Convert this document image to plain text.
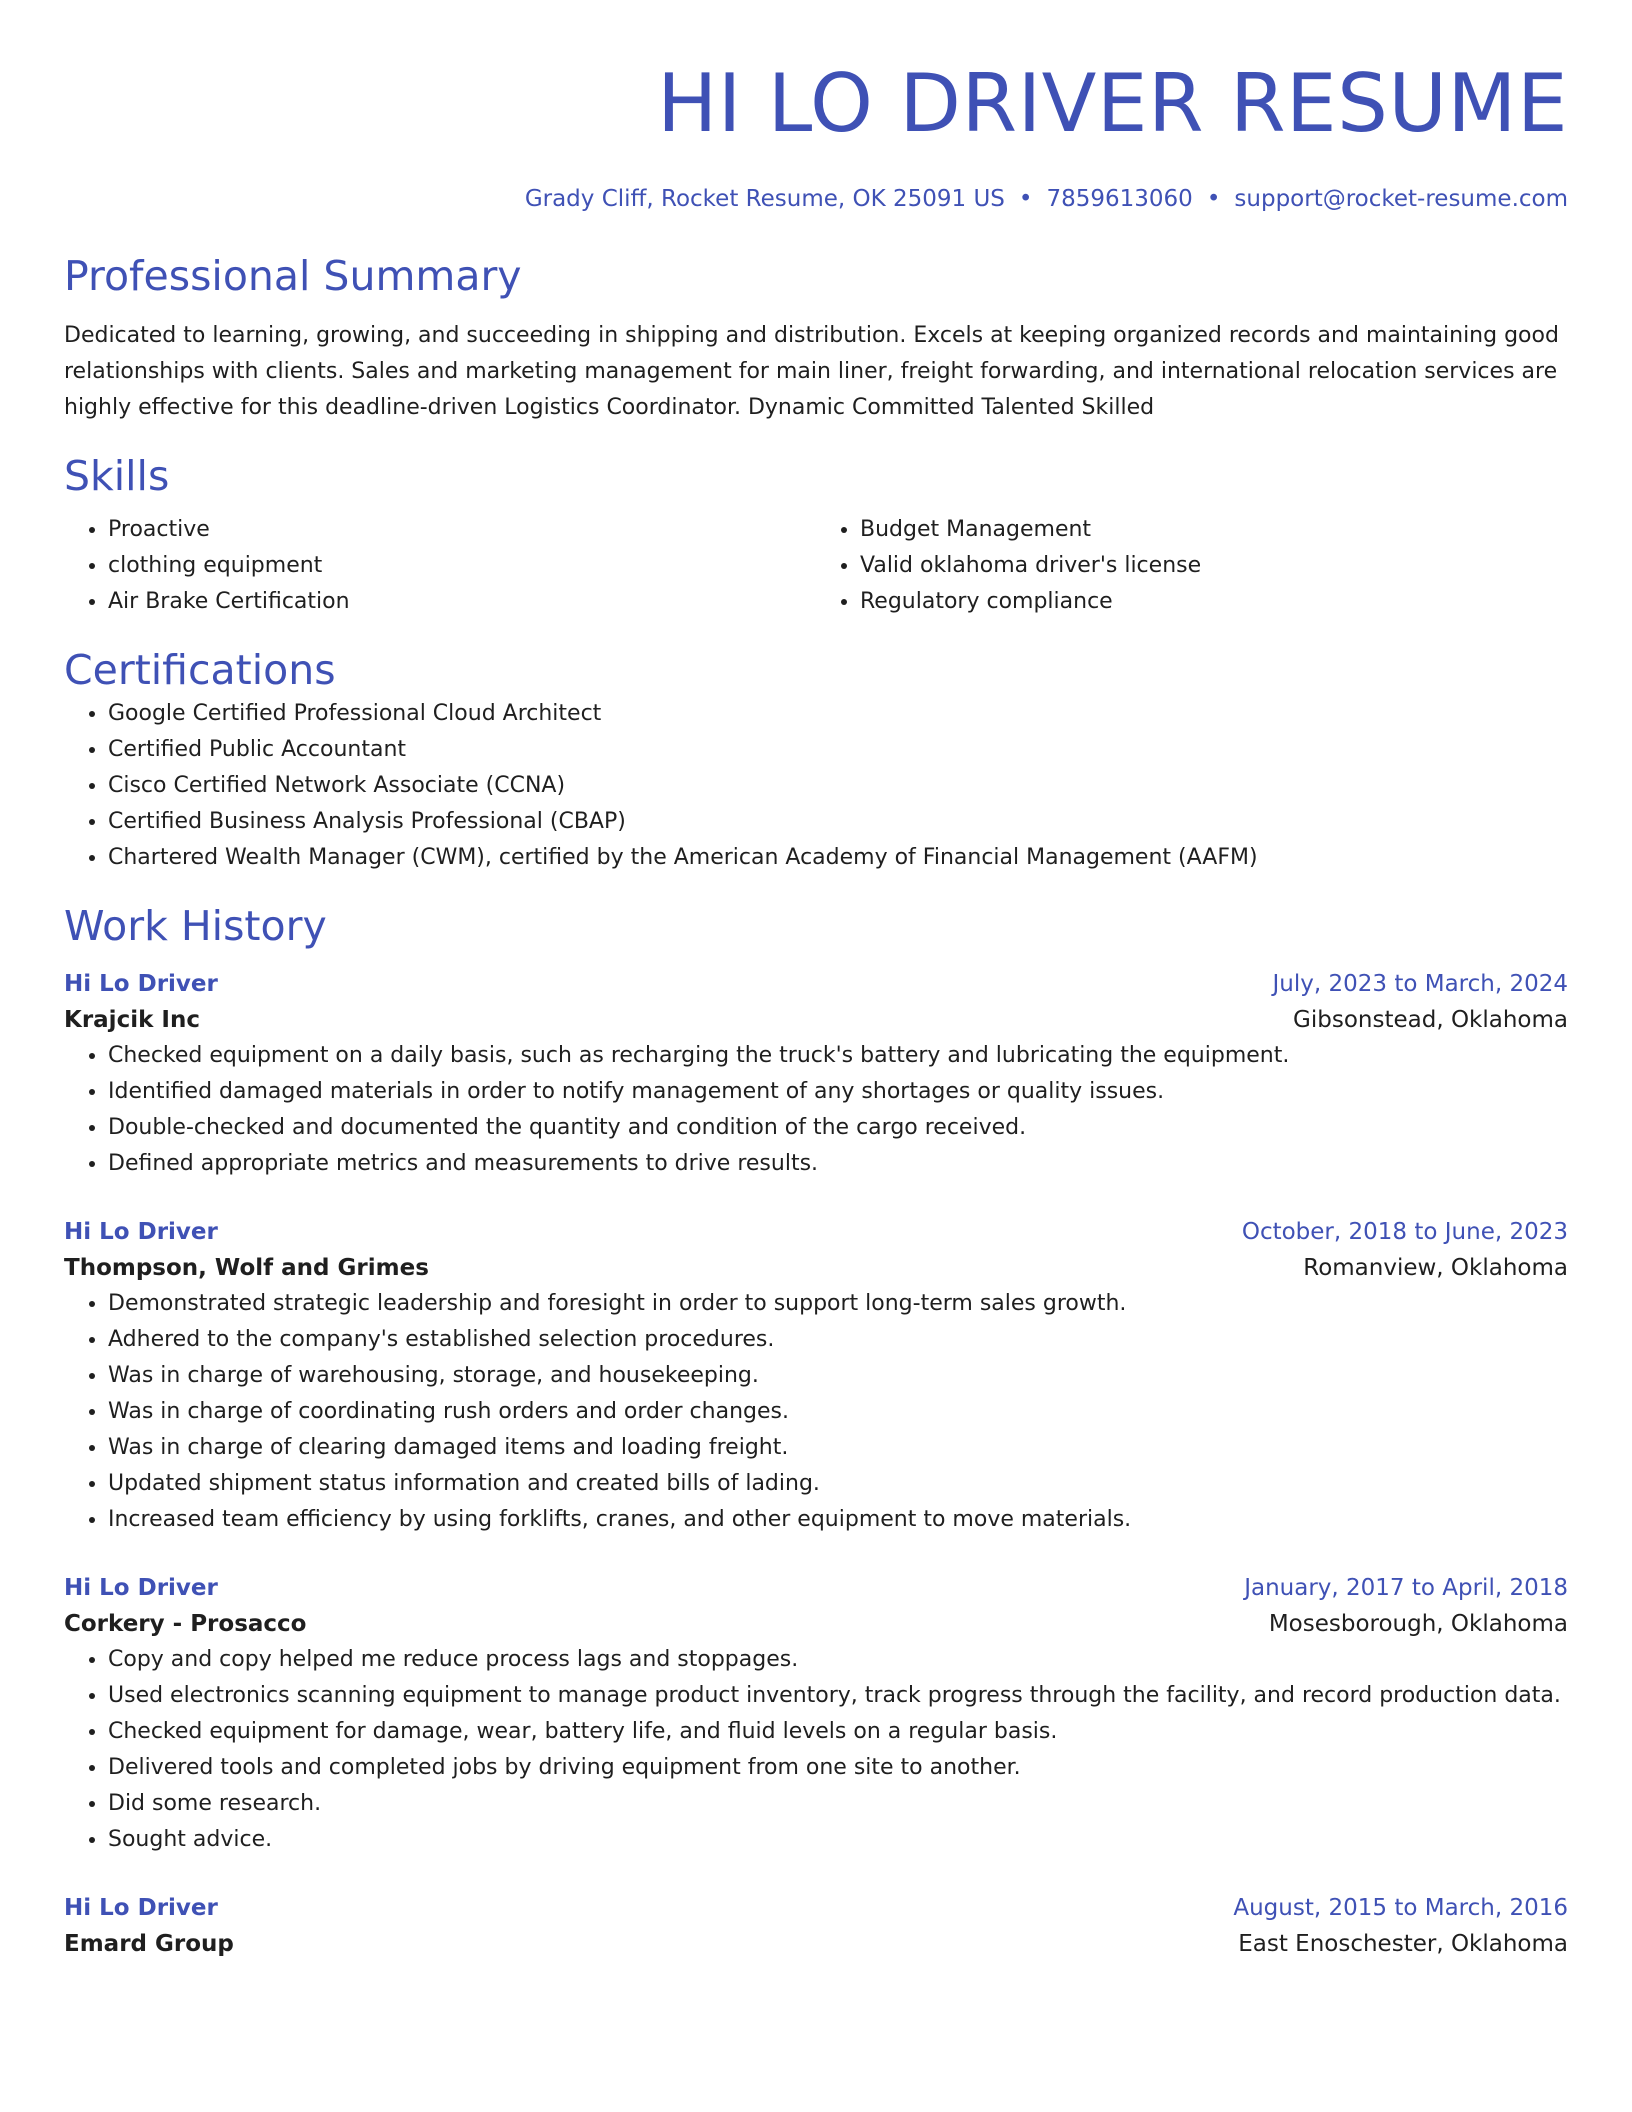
HI LO DRIVER RESUME
Grady Cliff, Rocket Resume, OK 25091 US • 7859613060 • support@rocket-resume.com
Professional Summary
Dedicated to learning, growing, and succeeding in shipping and distribution. Excels at keeping organized records and maintaining good relationships with clients. Sales and marketing management for main liner, freight forwarding, and international relocation services are highly effective for this deadline-driven Logistics Coordinator. Dynamic Committed Talented Skilled
Skills
• Proactive
• clothing equipment
• Air Brake Certification
• Budget Management
• Valid oklahoma driver's license
• Regulatory compliance
Certifications
• Google Certified Professional Cloud Architect
• Certified Public Accountant
• Cisco Certified Network Associate (CCNA)
• Certified Business Analysis Professional (CBAP)
• Chartered Wealth Manager (CWM), certified by the American Academy of Financial Management (AAFM)
Work History
Hi Lo Driver	July, 2023 to March, 2024
Krajcik Inc	Gibsonstead, Oklahoma
• Checked equipment on a daily basis, such as recharging the truck's battery and lubricating the equipment.
• Identified damaged materials in order to notify management of any shortages or quality issues.
• Double-checked and documented the quantity and condition of the cargo received.
• Defined appropriate metrics and measurements to drive results.
Hi Lo Driver	October, 2018 to June, 2023
Thompson, Wolf and Grimes	Romanview, Oklahoma
• Demonstrated strategic leadership and foresight in order to support long-term sales growth.
• Adhered to the company's established selection procedures.
• Was in charge of warehousing, storage, and housekeeping.
• Was in charge of coordinating rush orders and order changes.
• Was in charge of clearing damaged items and loading freight.
• Updated shipment status information and created bills of lading.
• Increased team efficiency by using forklifts, cranes, and other equipment to move materials.
Hi Lo Driver	January, 2017 to April, 2018
Corkery - Prosacco	Mosesborough, Oklahoma
• Copy and copy helped me reduce process lags and stoppages.
• Used electronics scanning equipment to manage product inventory, track progress through the facility, and record production data.
• Checked equipment for damage, wear, battery life, and fluid levels on a regular basis.
• Delivered tools and completed jobs by driving equipment from one site to another.
• Did some research.
• Sought advice.
Hi Lo Driver	August, 2015 to March, 2016
Emard Group	East Enoschester, Oklahoma
